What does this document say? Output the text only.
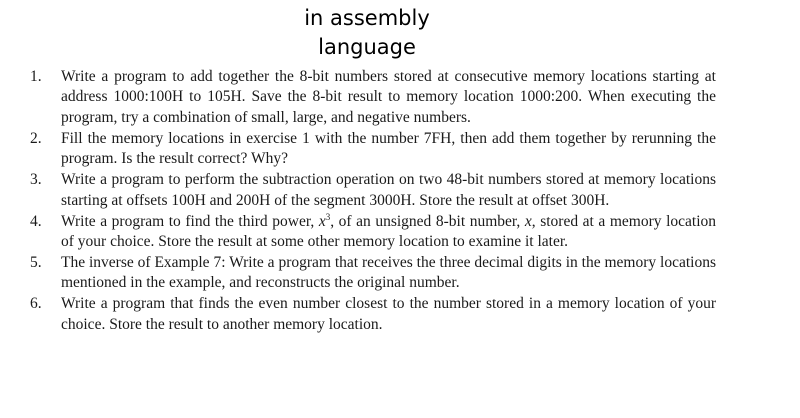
in assembly
language
1.	Write a program to add together the 8-bit numbers stored at consecutive memory locations starting at address 1000:100H to 105H. Save the 8-bit result to memory location 1000:200. When executing the program, try a combination of small, large, and negative numbers.
2.	Fill the memory locations in exercise 1 with the number 7FH, then add them together by rerunning the program. Is the result correct? Why?
3.	Write a program to perform the subtraction operation on two 48-bit numbers stored at memory locations starting at offsets 100H and 200H of the segment 3000H. Store the result at offset 300H.
4.	Write a program to find the third power, $x^3$, of an unsigned 8-bit number, x, stored at a memory location of your choice. Store the result at some other memory location to examine it later.
5.	The inverse of Example 7: Write a program that receives the three decimal digits in the memory locations mentioned in the example, and reconstructs the original number.
6.	Write a program that finds the even number closest to the number stored in a memory location of your choice. Store the result to another memory location.
